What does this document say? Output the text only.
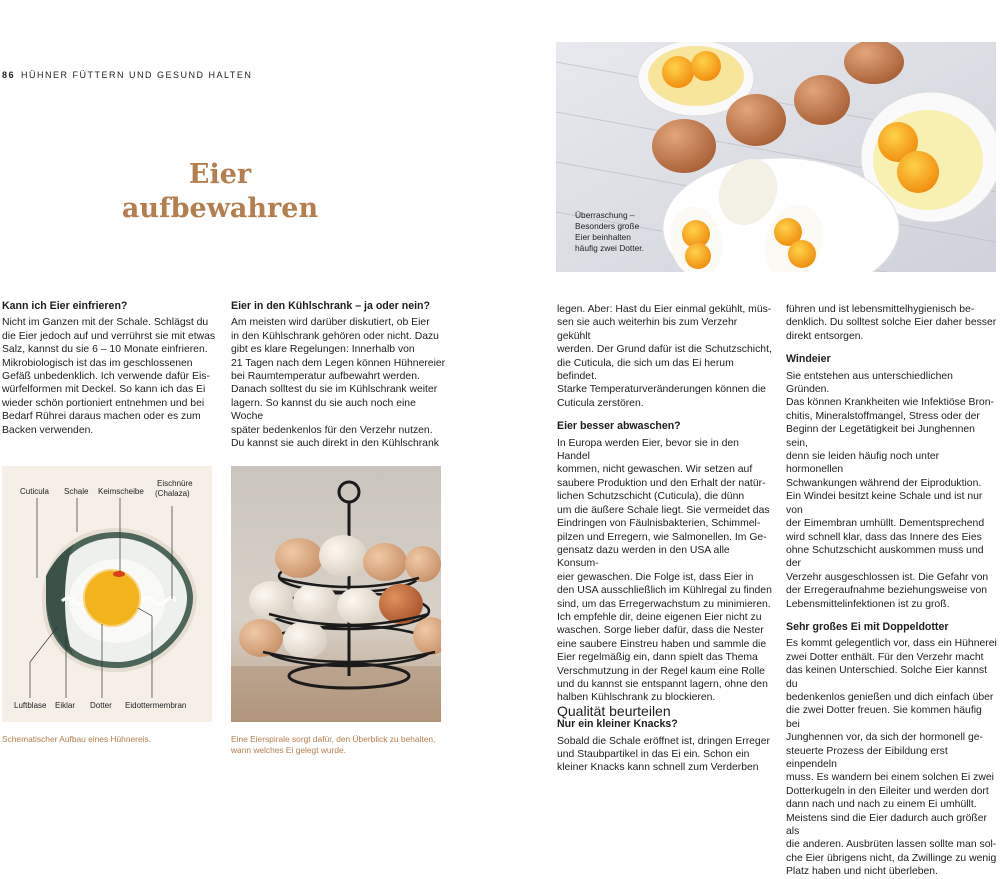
86 HÜHNER FÜTTERN UND GESUND HALTEN
Eier
aufbewahren

Kann ich Eier einfrieren?

Nicht im Ganzen mit der Schale. Schlägst du

die Eier jedoch auf und verrührst sie mit etwas

Salz, kannst du sie 6 – 10 Monate einfrieren.

Mikrobiologisch ist das im geschlossenen

Gefäß unbedenklich. Ich verwende dafür Eis-

würfelformen mit Deckel. So kann ich das Ei

wieder schön portioniert entnehmen und bei

Bedarf Rührei daraus machen oder es zum

Backen verwenden.

Eier in den Kühlschrank – ja oder nein?

Am meisten wird darüber diskutiert, ob Eier

in den Kühlschrank gehören oder nicht. Dazu

gibt es klare Regelungen: Innerhalb von

21 Tagen nach dem Legen können Hühnereier

bei Raumtemperatur aufbewahrt werden.

Danach solltest du sie im Kühlschrank weiter

lagern. So kannst du sie auch noch eine Woche

später bedenkenlos für den Verzehr nutzen.

Du kannst sie auch direkt in den Kühlschrank

Cuticula Schale Keimscheibe
Eischnüre
(Chalaza)
Luftblase Eiklar Dotter Eidottermembran
Schematischer Aufbau eines Hühnereis.	Eine Eierspirale sorgt dafür, den Überblick zu behalten,
wann welches Ei gelegt wurde.
Überraschung –
Besonders große
Eier beinhalten
häufig zwei Dotter.

legen. Aber: Hast du Eier einmal gekühlt, müs-

sen sie auch weiterhin bis zum Verzehr gekühlt

werden. Der Grund dafür ist die Schutzschicht,

die Cuticula, die sich um das Ei herum befindet.

Starke Temperaturveränderungen können die

Cuticula zerstören.

Eier besser abwaschen?

In Europa werden Eier, bevor sie in den Handel

kommen, nicht gewaschen. Wir setzen auf

saubere Produktion und den Erhalt der natür-

lichen Schutzschicht (Cuticula), die dünn

um die äußere Schale liegt. Sie vermeidet das

Eindringen von Fäulnisbakterien, Schimmel-

pilzen und Erregern, wie Salmonellen. Im Ge-

gensatz dazu werden in den USA alle Konsum-

eier gewaschen. Die Folge ist, dass Eier in

den USA ausschließlich im Kühlregal zu finden

sind, um das Erregerwachstum zu minimieren.

Ich empfehle dir, deine eigenen Eier nicht zu

waschen. Sorge lieber dafür, dass die Nester

eine saubere Einstreu haben und sammle die

Eier regelmäßig ein, dann spielt das Thema

Verschmutzung in der Regel kaum eine Rolle

und du kannst sie entspannt lagern, ohne den

halben Kühlschrank zu blockieren.

Qualität beurteilen

Nur ein kleiner Knacks?

Sobald die Schale eröffnet ist, dringen Erreger

und Staubpartikel in das Ei ein. Schon ein

kleiner Knacks kann schnell zum Verderben

führen und ist lebensmittelhygienisch be-

denklich. Du solltest solche Eier daher besser

direkt entsorgen.

Windeier

Sie entstehen aus unterschiedlichen Gründen.

Das können Krankheiten wie Infektiöse Bron-

chitis, Mineralstoffmangel, Stress oder der

Beginn der Legetätigkeit bei Junghennen sein,

denn sie leiden häufig noch unter hormonellen

Schwankungen während der Eiproduktion.

Ein Windei besitzt keine Schale und ist nur von

der Eimembran umhüllt. Dementsprechend

wird schnell klar, dass das Innere des Eies

ohne Schutzschicht auskommen muss und der

Verzehr ausgeschlossen ist. Die Gefahr von

der Erregeraufnahme beziehungsweise von

Lebensmittelinfektionen ist zu groß.

Sehr großes Ei mit Doppeldotter

Es kommt gelegentlich vor, dass ein Hühnerei

zwei Dotter enthält. Für den Verzehr macht

das keinen Unterschied. Solche Eier kannst du

bedenkenlos genießen und dich einfach über

die zwei Dotter freuen. Sie kommen häufig bei

Junghennen vor, da sich der hormonell ge-

steuerte Prozess der Eibildung erst einpendeln

muss. Es wandern bei einem solchen Ei zwei

Dotterkugeln in den Eileiter und werden dort

dann nach und nach zu einem Ei umhüllt.

Meistens sind die Eier dadurch auch größer als

die anderen. Ausbrüten lassen sollte man sol-

che Eier übrigens nicht, da Zwillinge zu wenig

Platz haben und nicht überleben.
